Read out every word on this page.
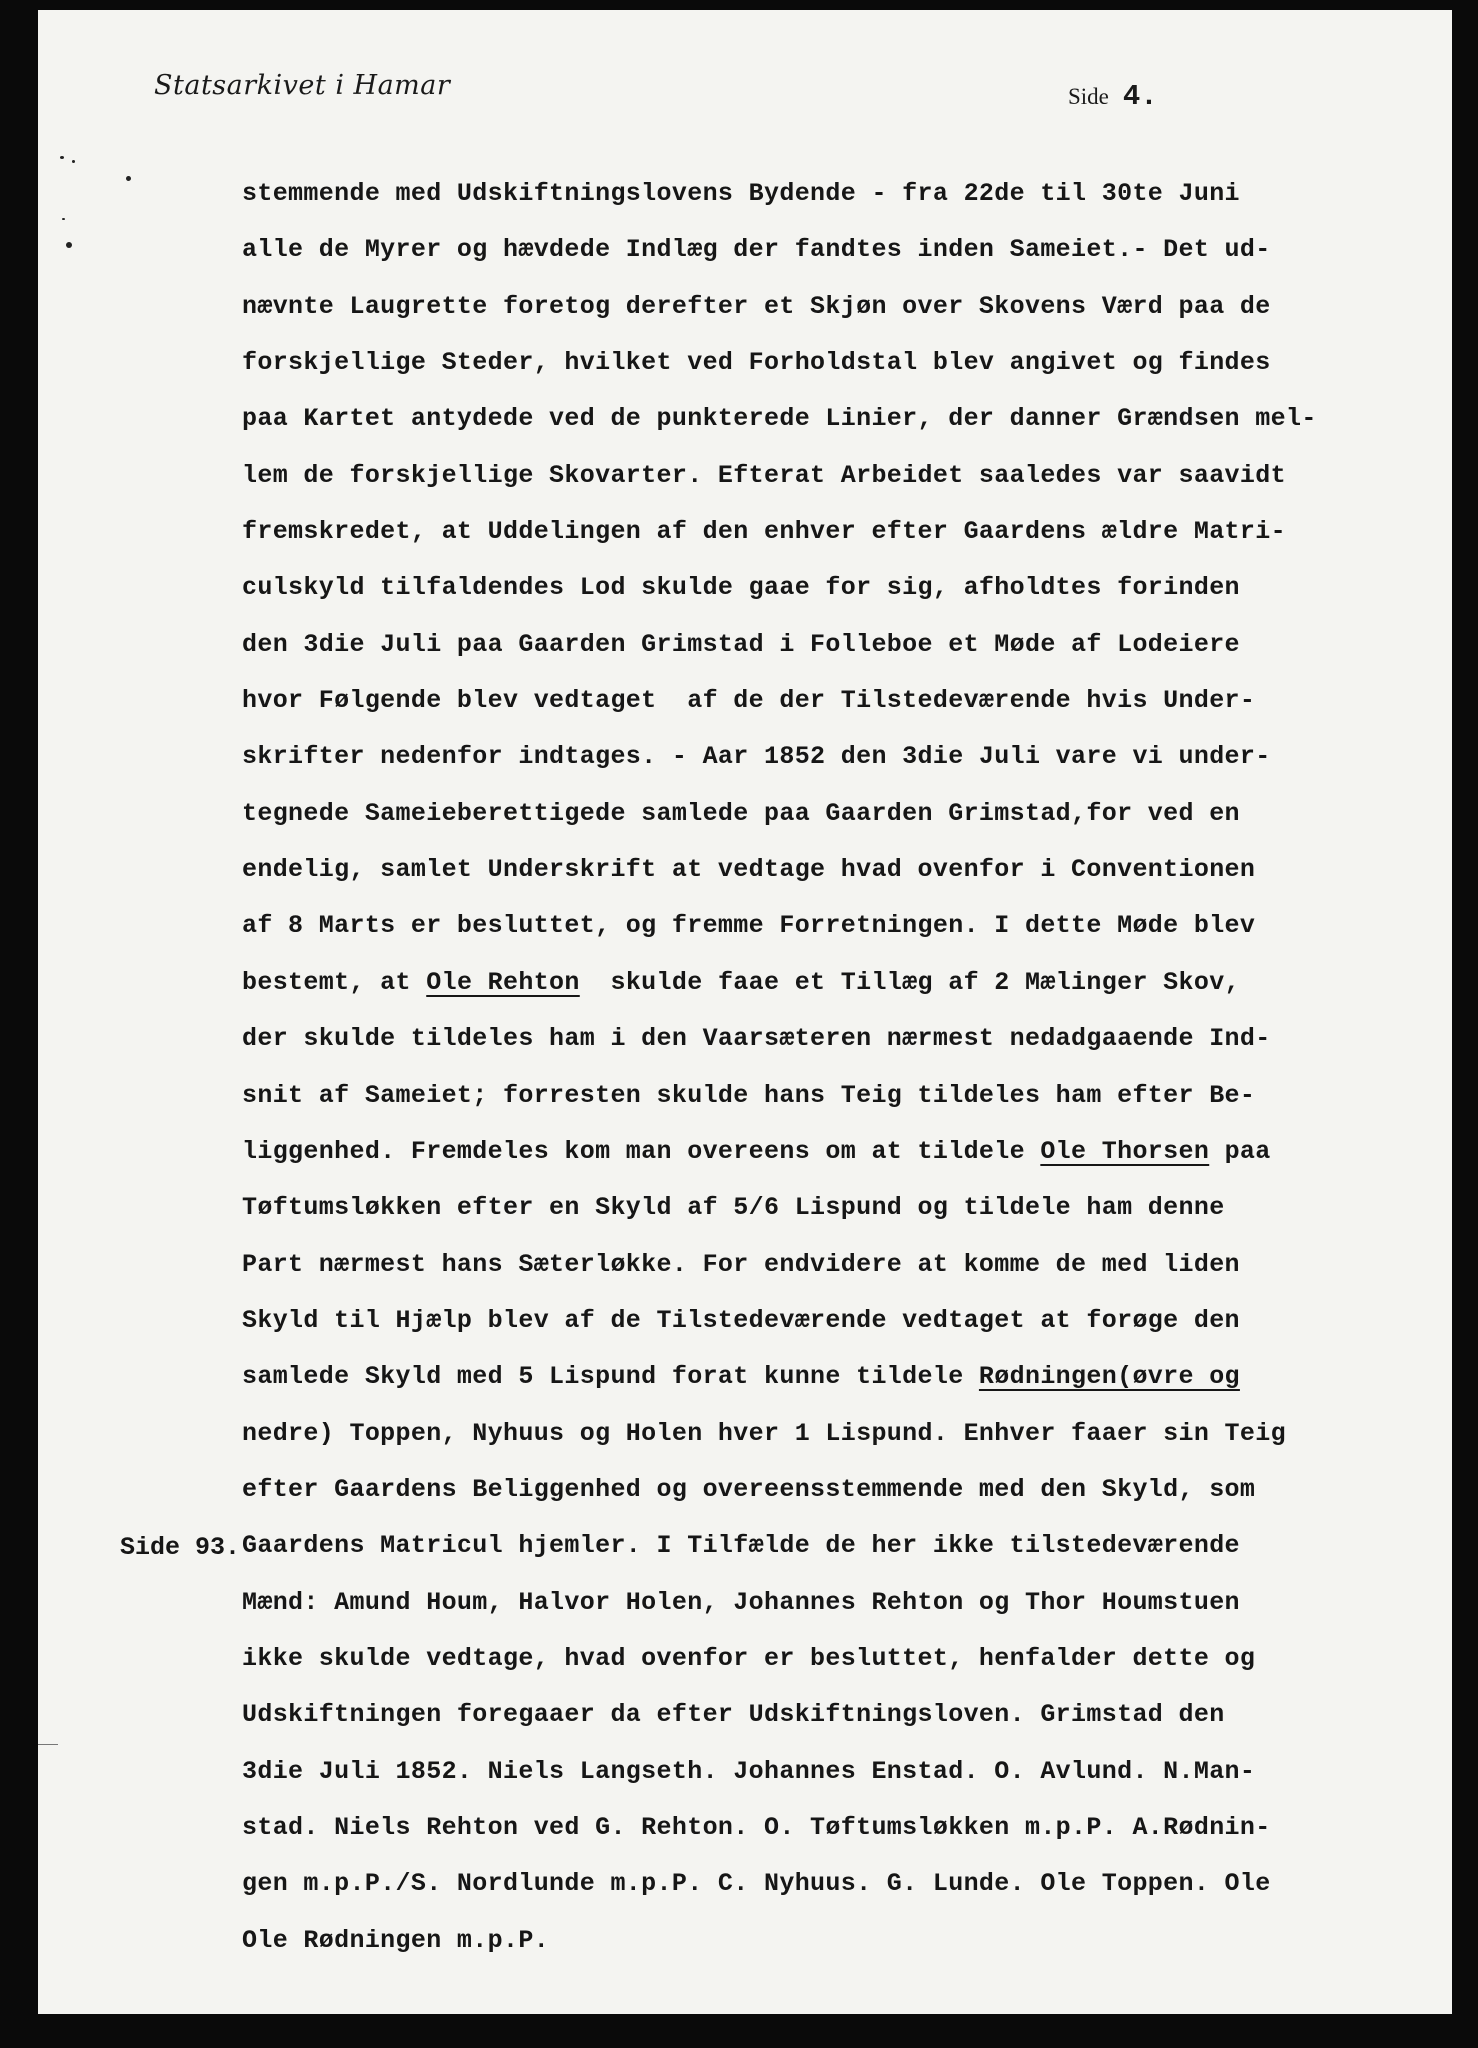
Statsarkivet i Hamar	Side 4.
stemmende med Udskiftningslovens Bydende - fra 22de til 30te Juni
alle de Myrer og hævdede Indlæg der fandtes inden Sameiet.- Det ud-
nævnte Laugrette foretog derefter et Skjøn over Skovens Værd paa de
forskjellige Steder, hvilket ved Forholdstal blev angivet og findes
paa Kartet antydede ved de punkterede Linier, der danner Grændsen mel-
lem de forskjellige Skovarter. Efterat Arbeidet saaledes var saavidt
fremskredet, at Uddelingen af den enhver efter Gaardens ældre Matri-
culskyld tilfaldendes Lod skulde gaae for sig, afholdtes forinden
den 3die Juli paa Gaarden Grimstad i Folleboe et Møde af Lodeiere
hvor Følgende blev vedtaget  af de der Tilstedeværende hvis Under-
skrifter nedenfor indtages. - Aar 1852 den 3die Juli vare vi under-
tegnede Sameieberettigede samlede paa Gaarden Grimstad,for ved en
endelig, samlet Underskrift at vedtage hvad ovenfor i Conventionen
af 8 Marts er besluttet, og fremme Forretningen. I dette Møde blev
bestemt, at Ole Rehton  skulde faae et Tillæg af 2 Mælinger Skov,
der skulde tildeles ham i den Vaarsæteren nærmest nedadgaaende Ind-
snit af Sameiet; forresten skulde hans Teig tildeles ham efter Be-
liggenhed. Fremdeles kom man overeens om at tildele Ole Thorsen paa
Tøftumsløkken efter en Skyld af 5/6 Lispund og tildele ham denne
Part nærmest hans Sæterløkke. For endvidere at komme de med liden
Skyld til Hjælp blev af de Tilstedeværende vedtaget at forøge den
samlede Skyld med 5 Lispund forat kunne tildele Rødningen(øvre og
nedre) Toppen, Nyhuus og Holen hver 1 Lispund. Enhver faaer sin Teig
efter Gaardens Beliggenhed og overeensstemmende med den Skyld, som
Gaardens Matricul hjemler. I Tilfælde de her ikke tilstedeværende
Mænd: Amund Houm, Halvor Holen, Johannes Rehton og Thor Houmstuen
ikke skulde vedtage, hvad ovenfor er besluttet, henfalder dette og
Udskiftningen foregaaer da efter Udskiftningsloven. Grimstad den
3die Juli 1852. Niels Langseth. Johannes Enstad. O. Avlund. N.Man-
stad. Niels Rehton ved G. Rehton. O. Tøftumsløkken m.p.P. A.Rødnin-
gen m.p.P./S. Nordlunde m.p.P. C. Nyhuus. G. Lunde. Ole Toppen. Ole
Ole Rødningen m.p.P.
Side 93.
